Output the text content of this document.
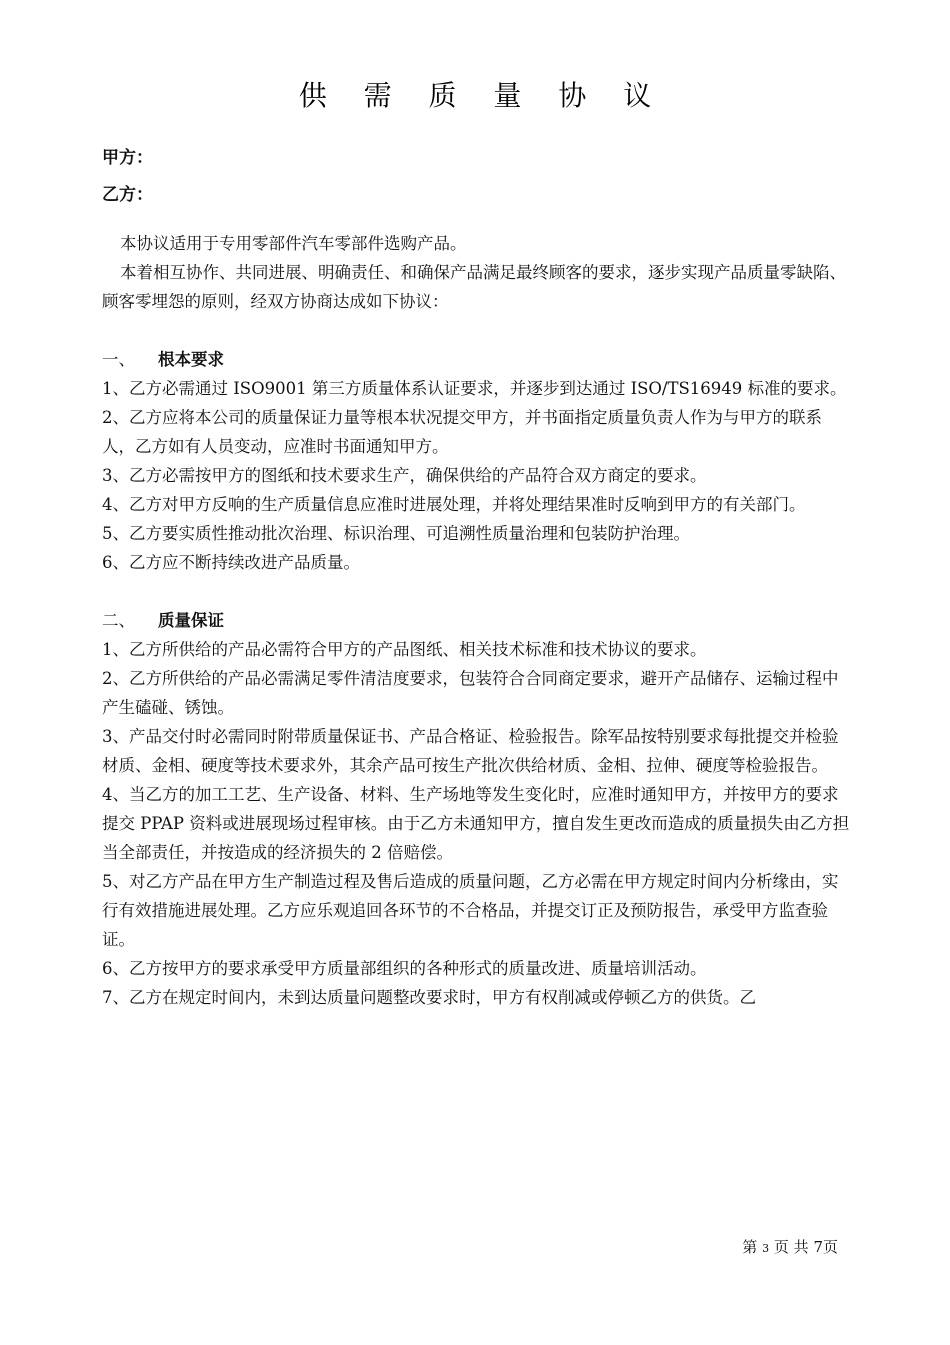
供 需 质 量 协 议
甲方：
乙方：

本协议适用于专用零部件汽车零部件选购产品。

本着相互协作、共同进展、明确责任、和确保产品满足最终顾客的要求，逐步实现产品质量零缺陷、顾客零埋怨的原则，经双方协商达成如下协议：

一、 根本要求

1、乙方必需通过 ISO9001 第三方质量体系认证要求，并逐步到达通过 ISO/TS16949 标准的要求。

2、乙方应将本公司的质量保证力量等根本状况提交甲方，并书面指定质量负责人作为与甲方的联系人，乙方如有人员变动，应准时书面通知甲方。

3、乙方必需按甲方的图纸和技术要求生产，确保供给的产品符合双方商定的要求。

4、乙方对甲方反响的生产质量信息应准时进展处理，并将处理结果准时反响到甲方的有关部门。

5、乙方要实质性推动批次治理、标识治理、可追溯性质量治理和包装防护治理。

6、乙方应不断持续改进产品质量。

二、 质量保证

1、乙方所供给的产品必需符合甲方的产品图纸、相关技术标准和技术协议的要求。

2、乙方所供给的产品必需满足零件清洁度要求，包装符合合同商定要求，避开产品储存、运输过程中产生磕碰、锈蚀。

3、产品交付时必需同时附带质量保证书、产品合格证、检验报告。除军品按特别要求每批提交并检验材质、金相、硬度等技术要求外，其余产品可按生产批次供给材质、金相、拉伸、硬度等检验报告。

4、当乙方的加工工艺、生产设备、材料、生产场地等发生变化时，应准时通知甲方，并按甲方的要求提交 PPAP 资料或进展现场过程审核。由于乙方未通知甲方，擅自发生更改而造成的质量损失由乙方担当全部责任，并按造成的经济损失的 2 倍赔偿。

5、对乙方产品在甲方生产制造过程及售后造成的质量问题，乙方必需在甲方规定时间内分析缘由，实行有效措施进展处理。乙方应乐观追回各环节的不合格品，并提交订正及预防报告，承受甲方监查验证。

6、乙方按甲方的要求承受甲方质量部组织的各种形式的质量改进、质量培训活动。

7、乙方在规定时间内，未到达质量问题整改要求时，甲方有权削减或停顿乙方的供货。乙

第 3 页 共 7页
